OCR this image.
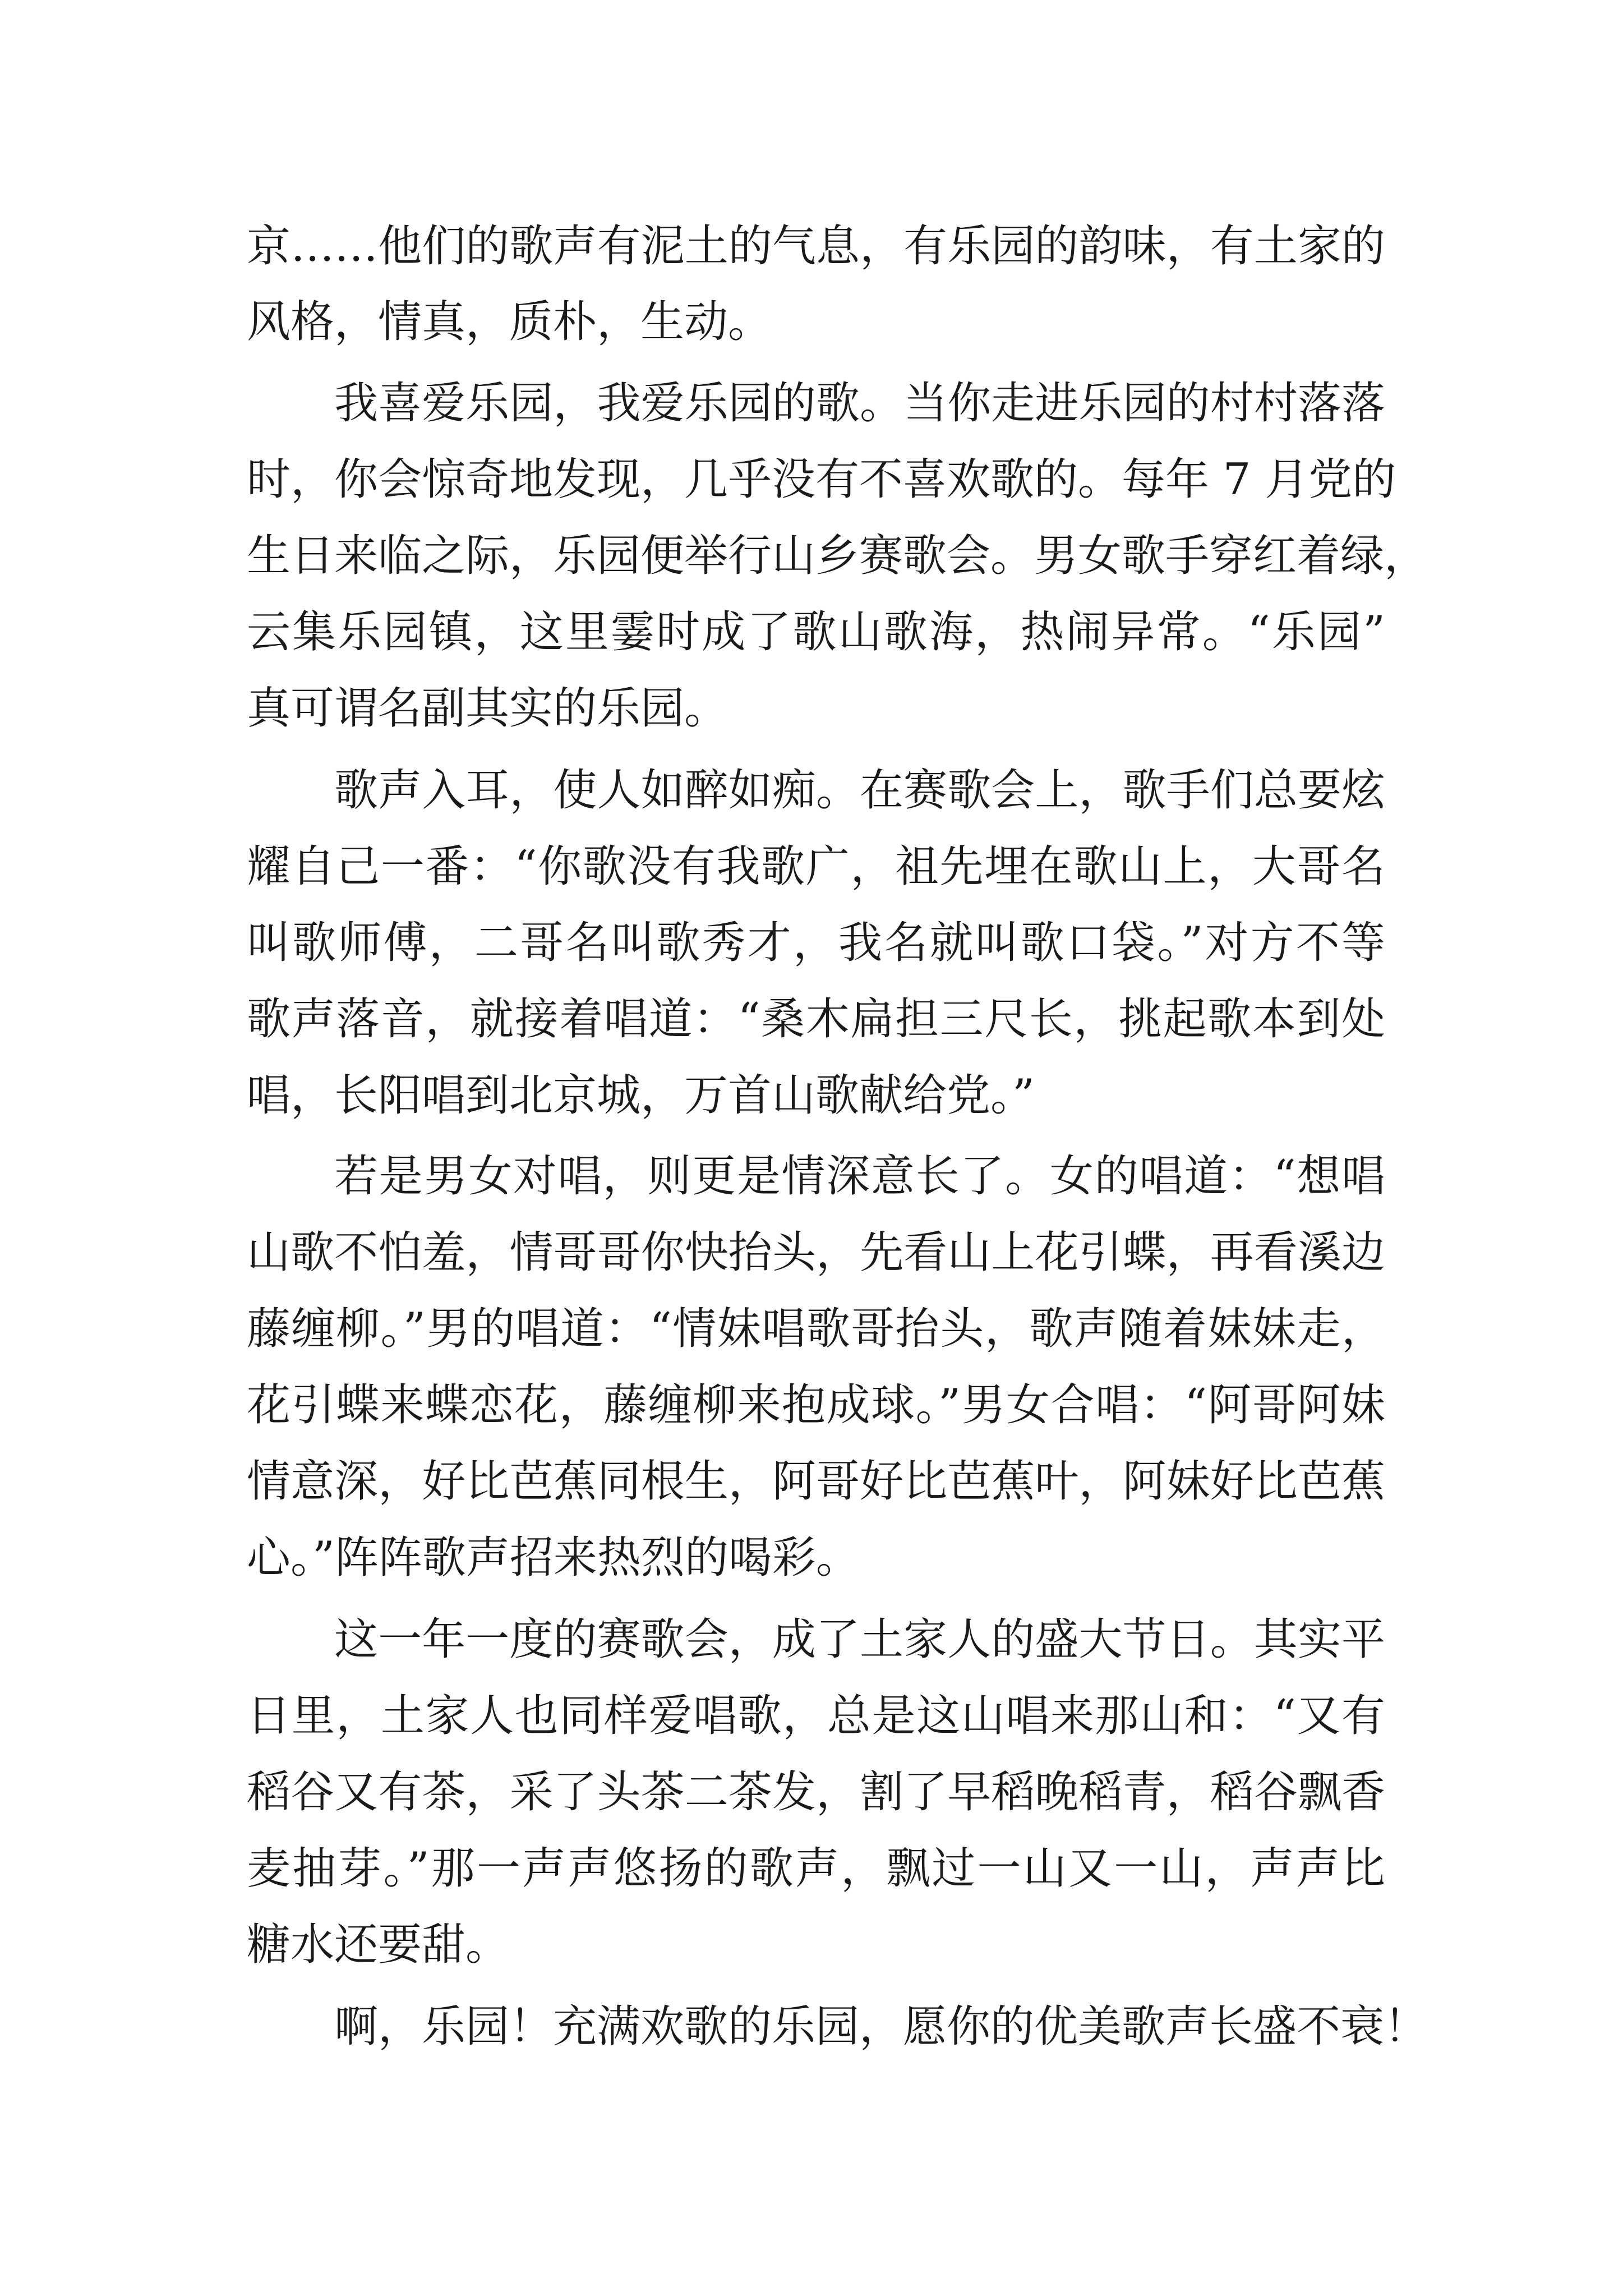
京……他们的歌声有泥土的气息，有乐园的韵味，有土家的
风格，情真，质朴，生动。
我喜爱乐园，我爱乐园的歌。当你走进乐园的村村落落
时，你会惊奇地发现，几乎没有不喜欢歌的。每年 7 月党的
生日来临之际，乐园便举行山乡赛歌会。男女歌手穿红着绿，
云集乐园镇，这里霎时成了歌山歌海，热闹异常。“乐园”
真可谓名副其实的乐园。
歌声入耳，使人如醉如痴。在赛歌会上，歌手们总要炫
耀自己一番：“你歌没有我歌广，祖先埋在歌山上，大哥名
叫歌师傅，二哥名叫歌秀才，我名就叫歌口袋。”对方不等
歌声落音，就接着唱道：“桑木扁担三尺长，挑起歌本到处
唱，长阳唱到北京城，万首山歌献给党。”
若是男女对唱，则更是情深意长了。女的唱道：“想唱
山歌不怕羞，情哥哥你快抬头，先看山上花引蝶，再看溪边
藤缠柳。”男的唱道：“情妹唱歌哥抬头，歌声随着妹妹走，
花引蝶来蝶恋花，藤缠柳来抱成球。”男女合唱：“阿哥阿妹
情意深，好比芭蕉同根生，阿哥好比芭蕉叶，阿妹好比芭蕉
心。”阵阵歌声招来热烈的喝彩。
这一年一度的赛歌会，成了土家人的盛大节日。其实平
日里，土家人也同样爱唱歌，总是这山唱来那山和：“又有
稻谷又有茶，采了头茶二茶发，割了早稻晚稻青，稻谷飘香
麦抽芽。”那一声声悠扬的歌声，飘过一山又一山，声声比
糖水还要甜。
啊，乐园！充满欢歌的乐园，愿你的优美歌声长盛不衰！
